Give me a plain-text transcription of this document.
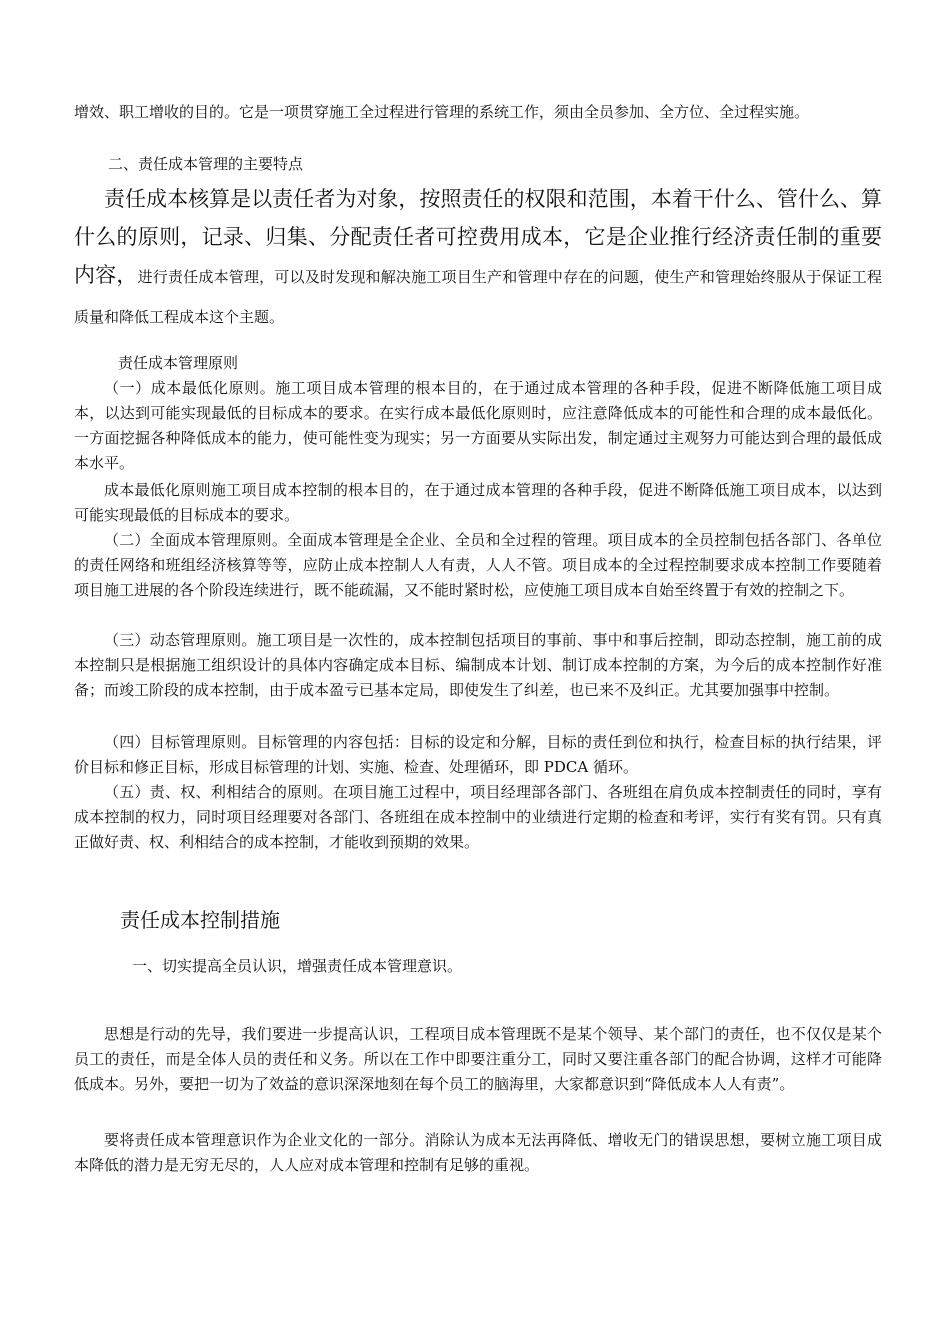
增效、职工增收的目的。它是一项贯穿施工全过程进行管理的系统工作，须由全员参加、全方位、全过程实施。

二、责任成本管理的主要特点

责任成本核算是以责任者为对象，按照责任的权限和范围，本着干什么、管什么、算什么的原则，记录、归集、分配责任者可控费用成本，它是企业推行经济责任制的重要内容，进行责任成本管理，可以及时发现和解决施工项目生产和管理中存在的问题，使生产和管理始终服从于保证工程质量和降低工程成本这个主题。

责任成本管理原则

（一）成本最低化原则。施工项目成本管理的根本目的，在于通过成本管理的各种手段，促进不断降低施工项目成本，以达到可能实现最低的目标成本的要求。在实行成本最低化原则时，应注意降低成本的可能性和合理的成本最低化。一方面挖掘各种降低成本的能力，使可能性变为现实；另一方面要从实际出发，制定通过主观努力可能达到合理的最低成本水平。

成本最低化原则施工项目成本控制的根本目的，在于通过成本管理的各种手段，促进不断降低施工项目成本，以达到可能实现最低的目标成本的要求。

（二）全面成本管理原则。全面成本管理是全企业、全员和全过程的管理。项目成本的全员控制包括各部门、各单位的责任网络和班组经济核算等等，应防止成本控制人人有责，人人不管。项目成本的全过程控制要求成本控制工作要随着项目施工进展的各个阶段连续进行，既不能疏漏，又不能时紧时松，应使施工项目成本自始至终置于有效的控制之下。

（三）动态管理原则。施工项目是一次性的，成本控制包括项目的事前、事中和事后控制，即动态控制，施工前的成本控制只是根据施工组织设计的具体内容确定成本目标、编制成本计划、制订成本控制的方案，为今后的成本控制作好准备；而竣工阶段的成本控制，由于成本盈亏已基本定局，即使发生了纠差，也已来不及纠正。尤其要加强事中控制。

（四）目标管理原则。目标管理的内容包括：目标的设定和分解，目标的责任到位和执行，检查目标的执行结果，评价目标和修正目标，形成目标管理的计划、实施、检查、处理循环，即 PDCA 循环。

（五）责、权、利相结合的原则。在项目施工过程中，项目经理部各部门、各班组在肩负成本控制责任的同时，享有成本控制的权力，同时项目经理要对各部门、各班组在成本控制中的业绩进行定期的检查和考评，实行有奖有罚。只有真正做好责、权、利相结合的成本控制，才能收到预期的效果。

责任成本控制措施

一、切实提高全员认识，增强责任成本管理意识。

思想是行动的先导，我们要进一步提高认识，工程项目成本管理既不是某个领导、某个部门的责任，也不仅仅是某个员工的责任，而是全体人员的责任和义务。所以在工作中即要注重分工，同时又要注重各部门的配合协调，这样才可能降低成本。另外，要把一切为了效益的意识深深地刻在每个员工的脑海里，大家都意识到“降低成本人人有责”。

要将责任成本管理意识作为企业文化的一部分。消除认为成本无法再降低、增收无门的错误思想，要树立施工项目成本降低的潜力是无穷无尽的，人人应对成本管理和控制有足够的重视。
